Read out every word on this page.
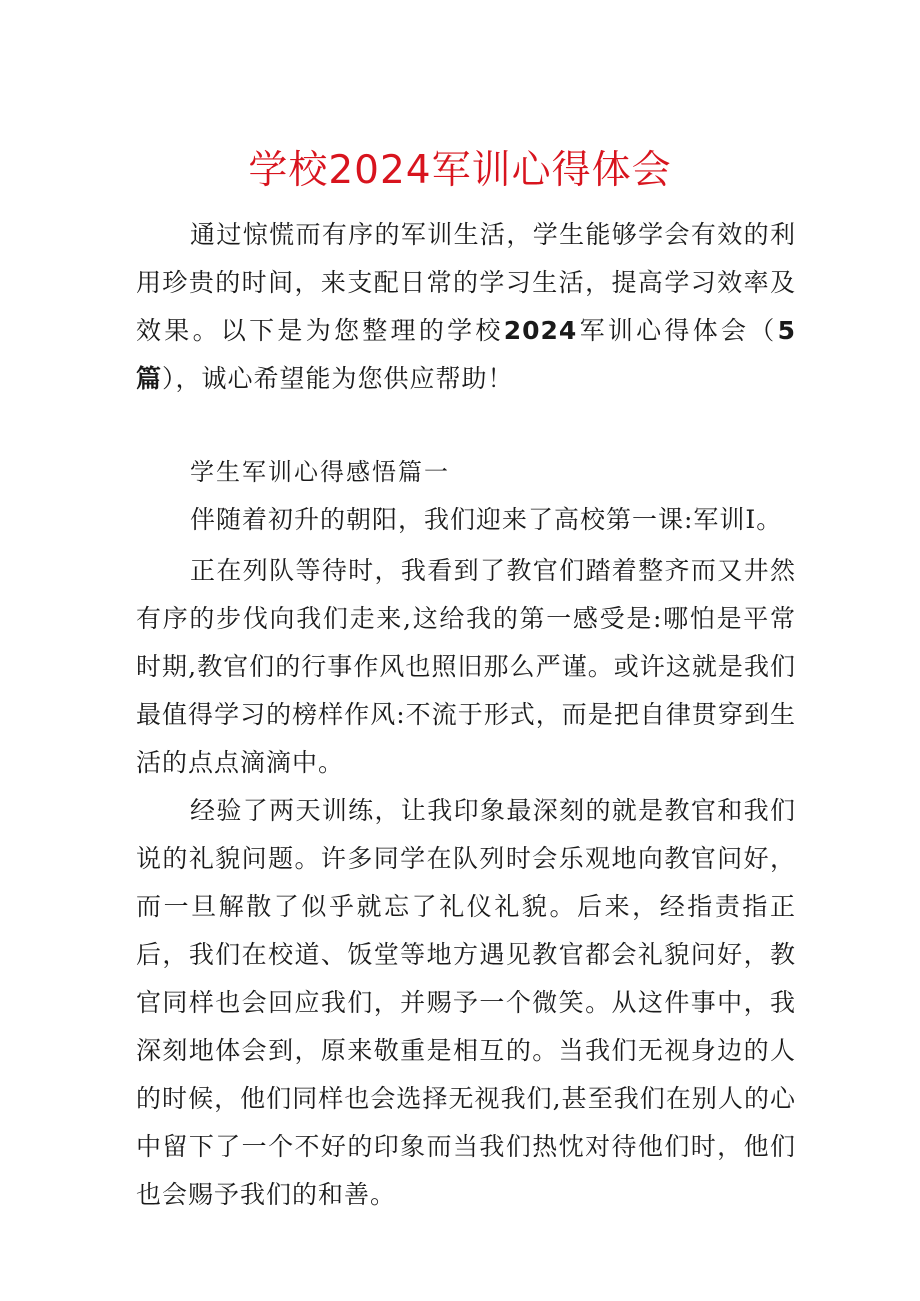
学校2024军训心得体会

通过惊慌而有序的军训生活，学生能够学会有效的利用珍贵的时间，来支配日常的学习生活，提高学习效率及效果。以下是为您整理的学校2024军训心得体会（5篇），诚心希望能为您供应帮助！

学生军训心得感悟篇一

伴随着初升的朝阳，我们迎来了高校第一课:军训I。

正在列队等待时，我看到了教官们踏着整齐而又井然有序的步伐向我们走来,这给我的第一感受是:哪怕是平常时期,教官们的行事作风也照旧那么严谨。或许这就是我们最值得学习的榜样作风:不流于形式，而是把自律贯穿到生活的点点滴滴中。

经验了两天训练，让我印象最深刻的就是教官和我们说的礼貌问题。许多同学在队列时会乐观地向教官问好，而一旦解散了似乎就忘了礼仪礼貌。后来，经指责指正后，我们在校道、饭堂等地方遇见教官都会礼貌问好，教官同样也会回应我们，并赐予一个微笑。从这件事中，我深刻地体会到，原来敬重是相互的。当我们无视身边的人的时候，他们同样也会选择无视我们,甚至我们在别人的心中留下了一个不好的印象而当我们热忱对待他们时，他们也会赐予我们的和善。
